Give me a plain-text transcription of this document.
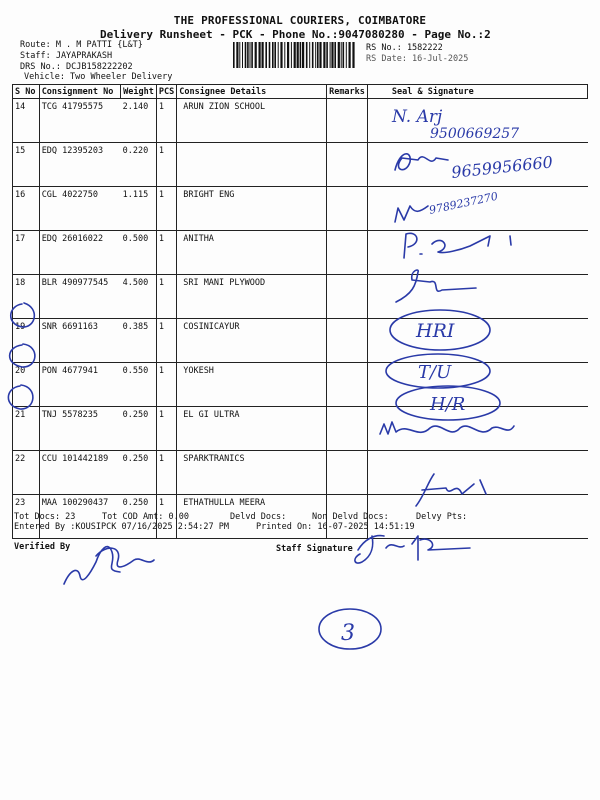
THE PROFESSIONAL COURIERS, COIMBATORE
Delivery Runsheet - PCK - Phone No.:9047080280 - Page No.:2
Route: M . M PATTI {L&T}
Staff: JAYAPRAKASH
DRS No.: DCJB158222202
Vehicle: Two Wheeler Delivery
RS No.: 1582222
RS Date: 16-Jul-2025
S No	Consignment No	Weight	PCS	Consignee Details	Remarks	Seal & Signature
14	TCG 41795575	2.140	1	ARUN ZION SCHOOL		
15	EDQ 12395203	0.220	1			
16	CGL 4022750	1.115	1	BRIGHT ENG		
17	EDQ 26016022	0.500	1	ANITHA		
18	BLR 490977545	4.500	1	SRI MANI PLYWOOD		
19	SNR 6691163	0.385	1	COSINICAYUR		
20	PON 4677941	0.550	1	YOKESH		
21	TNJ 5578235	0.250	1	EL GI ULTRA		
22	CCU 101442189	0.250	1	SPARKTRANICS		
23	MAA 100290437	0.250	1	ETHATHULLA MEERA		
Tot Docs: 23	Tot COD Amt: 0.00	Delvd Docs:	Non Delvd Docs:	Delvy Pts:
Entered By :KOUSIPCK 07/16/2025 2:54:27 PM	Printed On: 16-07-2025 14:51:19
Verified By	Staff Signature
N. Arj
9500669257
9659956660
9789237270
HRI
T/U
H/R
3
